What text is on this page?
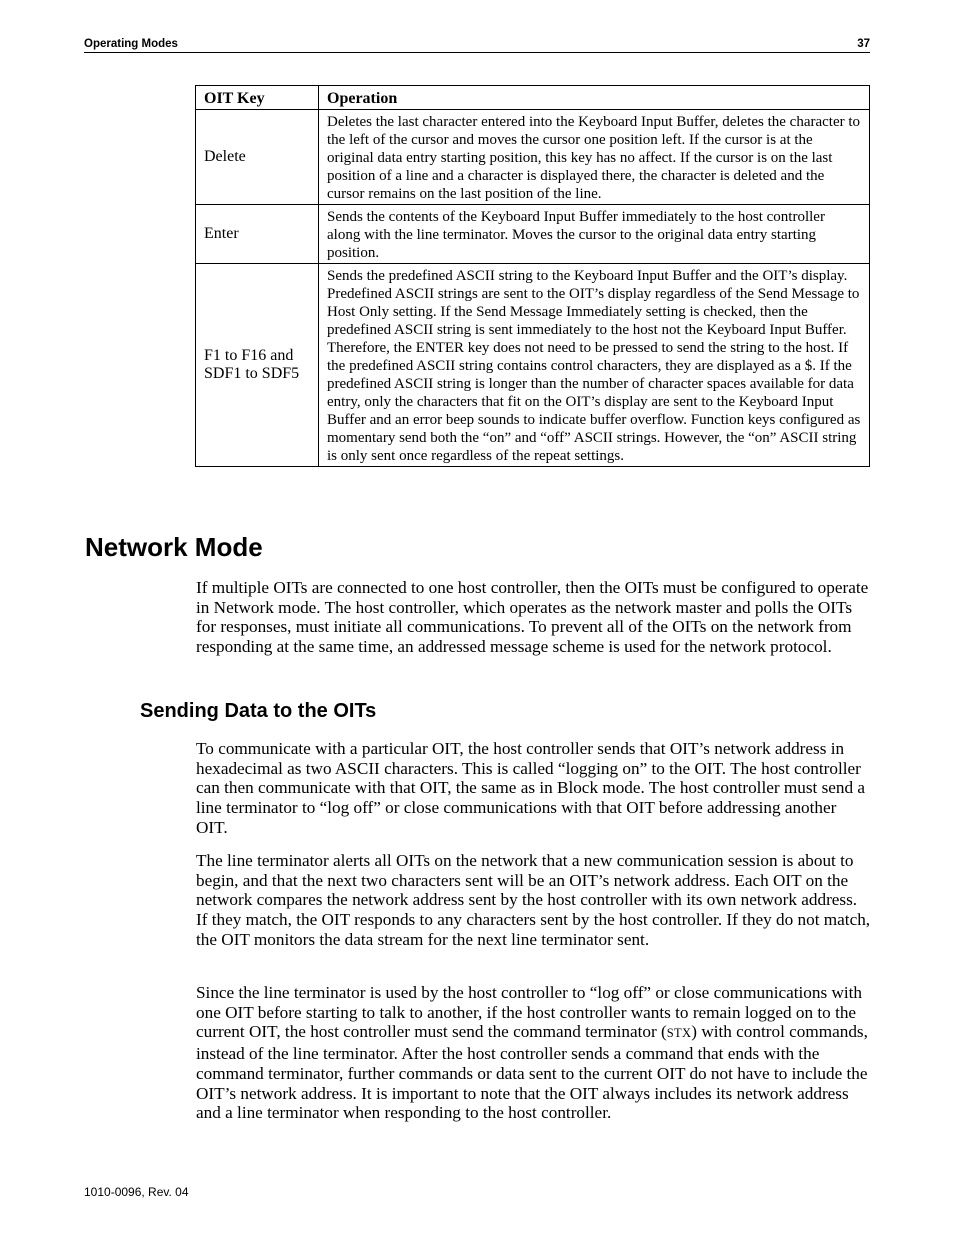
Operating Modes	37
OIT Key	Operation
Delete	Deletes the last character entered into the Keyboard Input Buffer, deletes the character to the left of the cursor and moves the cursor one position left. If the cursor is at the original data entry starting position, this key has no affect. If the cursor is on the last position of a line and a character is displayed there, the character is deleted and the cursor remains on the last position of the line.
Enter	Sends the contents of the Keyboard Input Buffer immediately to the host controller along with the line terminator. Moves the cursor to the original data entry starting position.
F1 to F16 and SDF1 to SDF5	Sends the predefined ASCII string to the Keyboard Input Buffer and the OIT’s display. Predefined ASCII strings are sent to the OIT’s display regardless of the Send Message to Host Only setting. If the Send Message Immediately setting is checked, then the predefined ASCII string is sent immediately to the host not the Keyboard Input Buffer. Therefore, the ENTER key does not need to be pressed to send the string to the host. If the predefined ASCII string contains control characters, they are displayed as a $. If the predefined ASCII string is longer than the number of character spaces available for data entry, only the characters that fit on the OIT’s display are sent to the Keyboard Input Buffer and an error beep sounds to indicate buffer overflow. Function keys configured as momentary send both the “on” and “off” ASCII strings. However, the “on” ASCII string is only sent once regardless of the repeat settings.
Network Mode

If multiple OITs are connected to one host controller, then the OITs must be configured to operate in Network mode. The host controller, which operates as the network master and polls the OITs for responses, must initiate all communications. To prevent all of the OITs on the network from responding at the same time, an addressed message scheme is used for the network protocol.

Sending Data to the OITs

To communicate with a particular OIT, the host controller sends that OIT’s network address in hexadecimal as two ASCII characters. This is called “logging on” to the OIT. The host controller can then communicate with that OIT, the same as in Block mode. The host controller must send a line terminator to “log off” or close communications with that OIT before addressing another OIT.

The line terminator alerts all OITs on the network that a new communication session is about to begin, and that the next two characters sent will be an OIT’s network address. Each OIT on the network compares the network address sent by the host controller with its own network address. If they match, the OIT responds to any characters sent by the host controller. If they do not match, the OIT monitors the data stream for the next line terminator sent.

Since the line terminator is used by the host controller to “log off” or close communications with one OIT before starting to talk to another, if the host controller wants to remain logged on to the current OIT, the host controller must send the command terminator (STX) with control commands, instead of the line terminator. After the host controller sends a command that ends with the command terminator, further commands or data sent to the current OIT do not have to include the OIT’s network address. It is important to note that the OIT always includes its network address and a line terminator when responding to the host controller.

1010-0096, Rev. 04
